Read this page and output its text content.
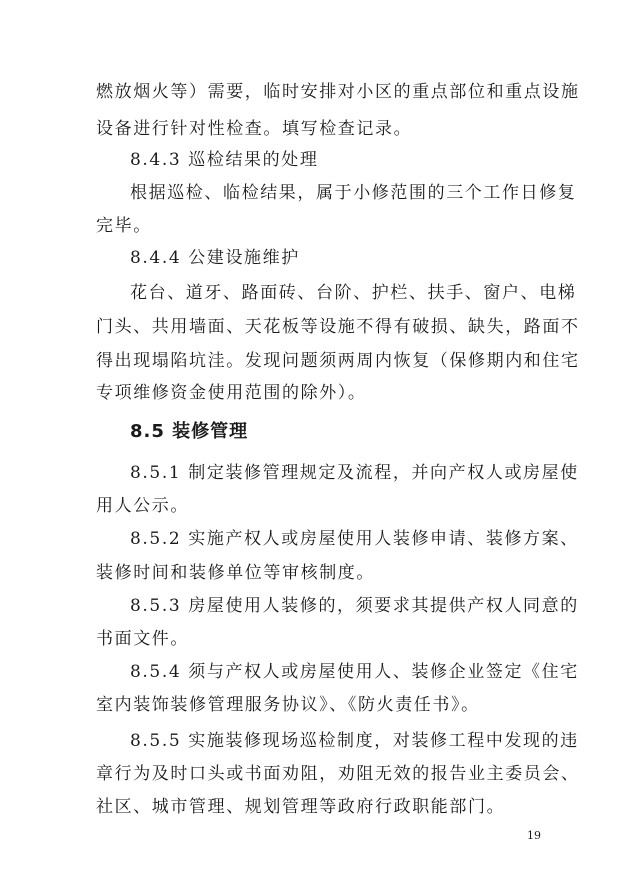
燃放烟火等）需要，临时安排对小区的重点部位和重点设施
设备进行针对性检查。填写检查记录。
8.4.3 巡检结果的处理
根据巡检、临检结果，属于小修范围的三个工作日修复
完毕。
8.4.4 公建设施维护
花台、道牙、路面砖、台阶、护栏、扶手、窗户、电梯
门头、共用墙面、天花板等设施不得有破损、缺失，路面不
得出现塌陷坑洼。发现问题须两周内恢复（保修期内和住宅
专项维修资金使用范围的除外）。
8.5 装修管理
8.5.1 制定装修管理规定及流程，并向产权人或房屋使
用人公示。
8.5.2 实施产权人或房屋使用人装修申请、装修方案、
装修时间和装修单位等审核制度。
8.5.3 房屋使用人装修的，须要求其提供产权人同意的
书面文件。
8.5.4 须与产权人或房屋使用人、装修企业签定《住宅
室内装饰装修管理服务协议》、《防火责任书》。
8.5.5 实施装修现场巡检制度，对装修工程中发现的违
章行为及时口头或书面劝阻，劝阻无效的报告业主委员会、
社区、城市管理、规划管理等政府行政职能部门。
19
